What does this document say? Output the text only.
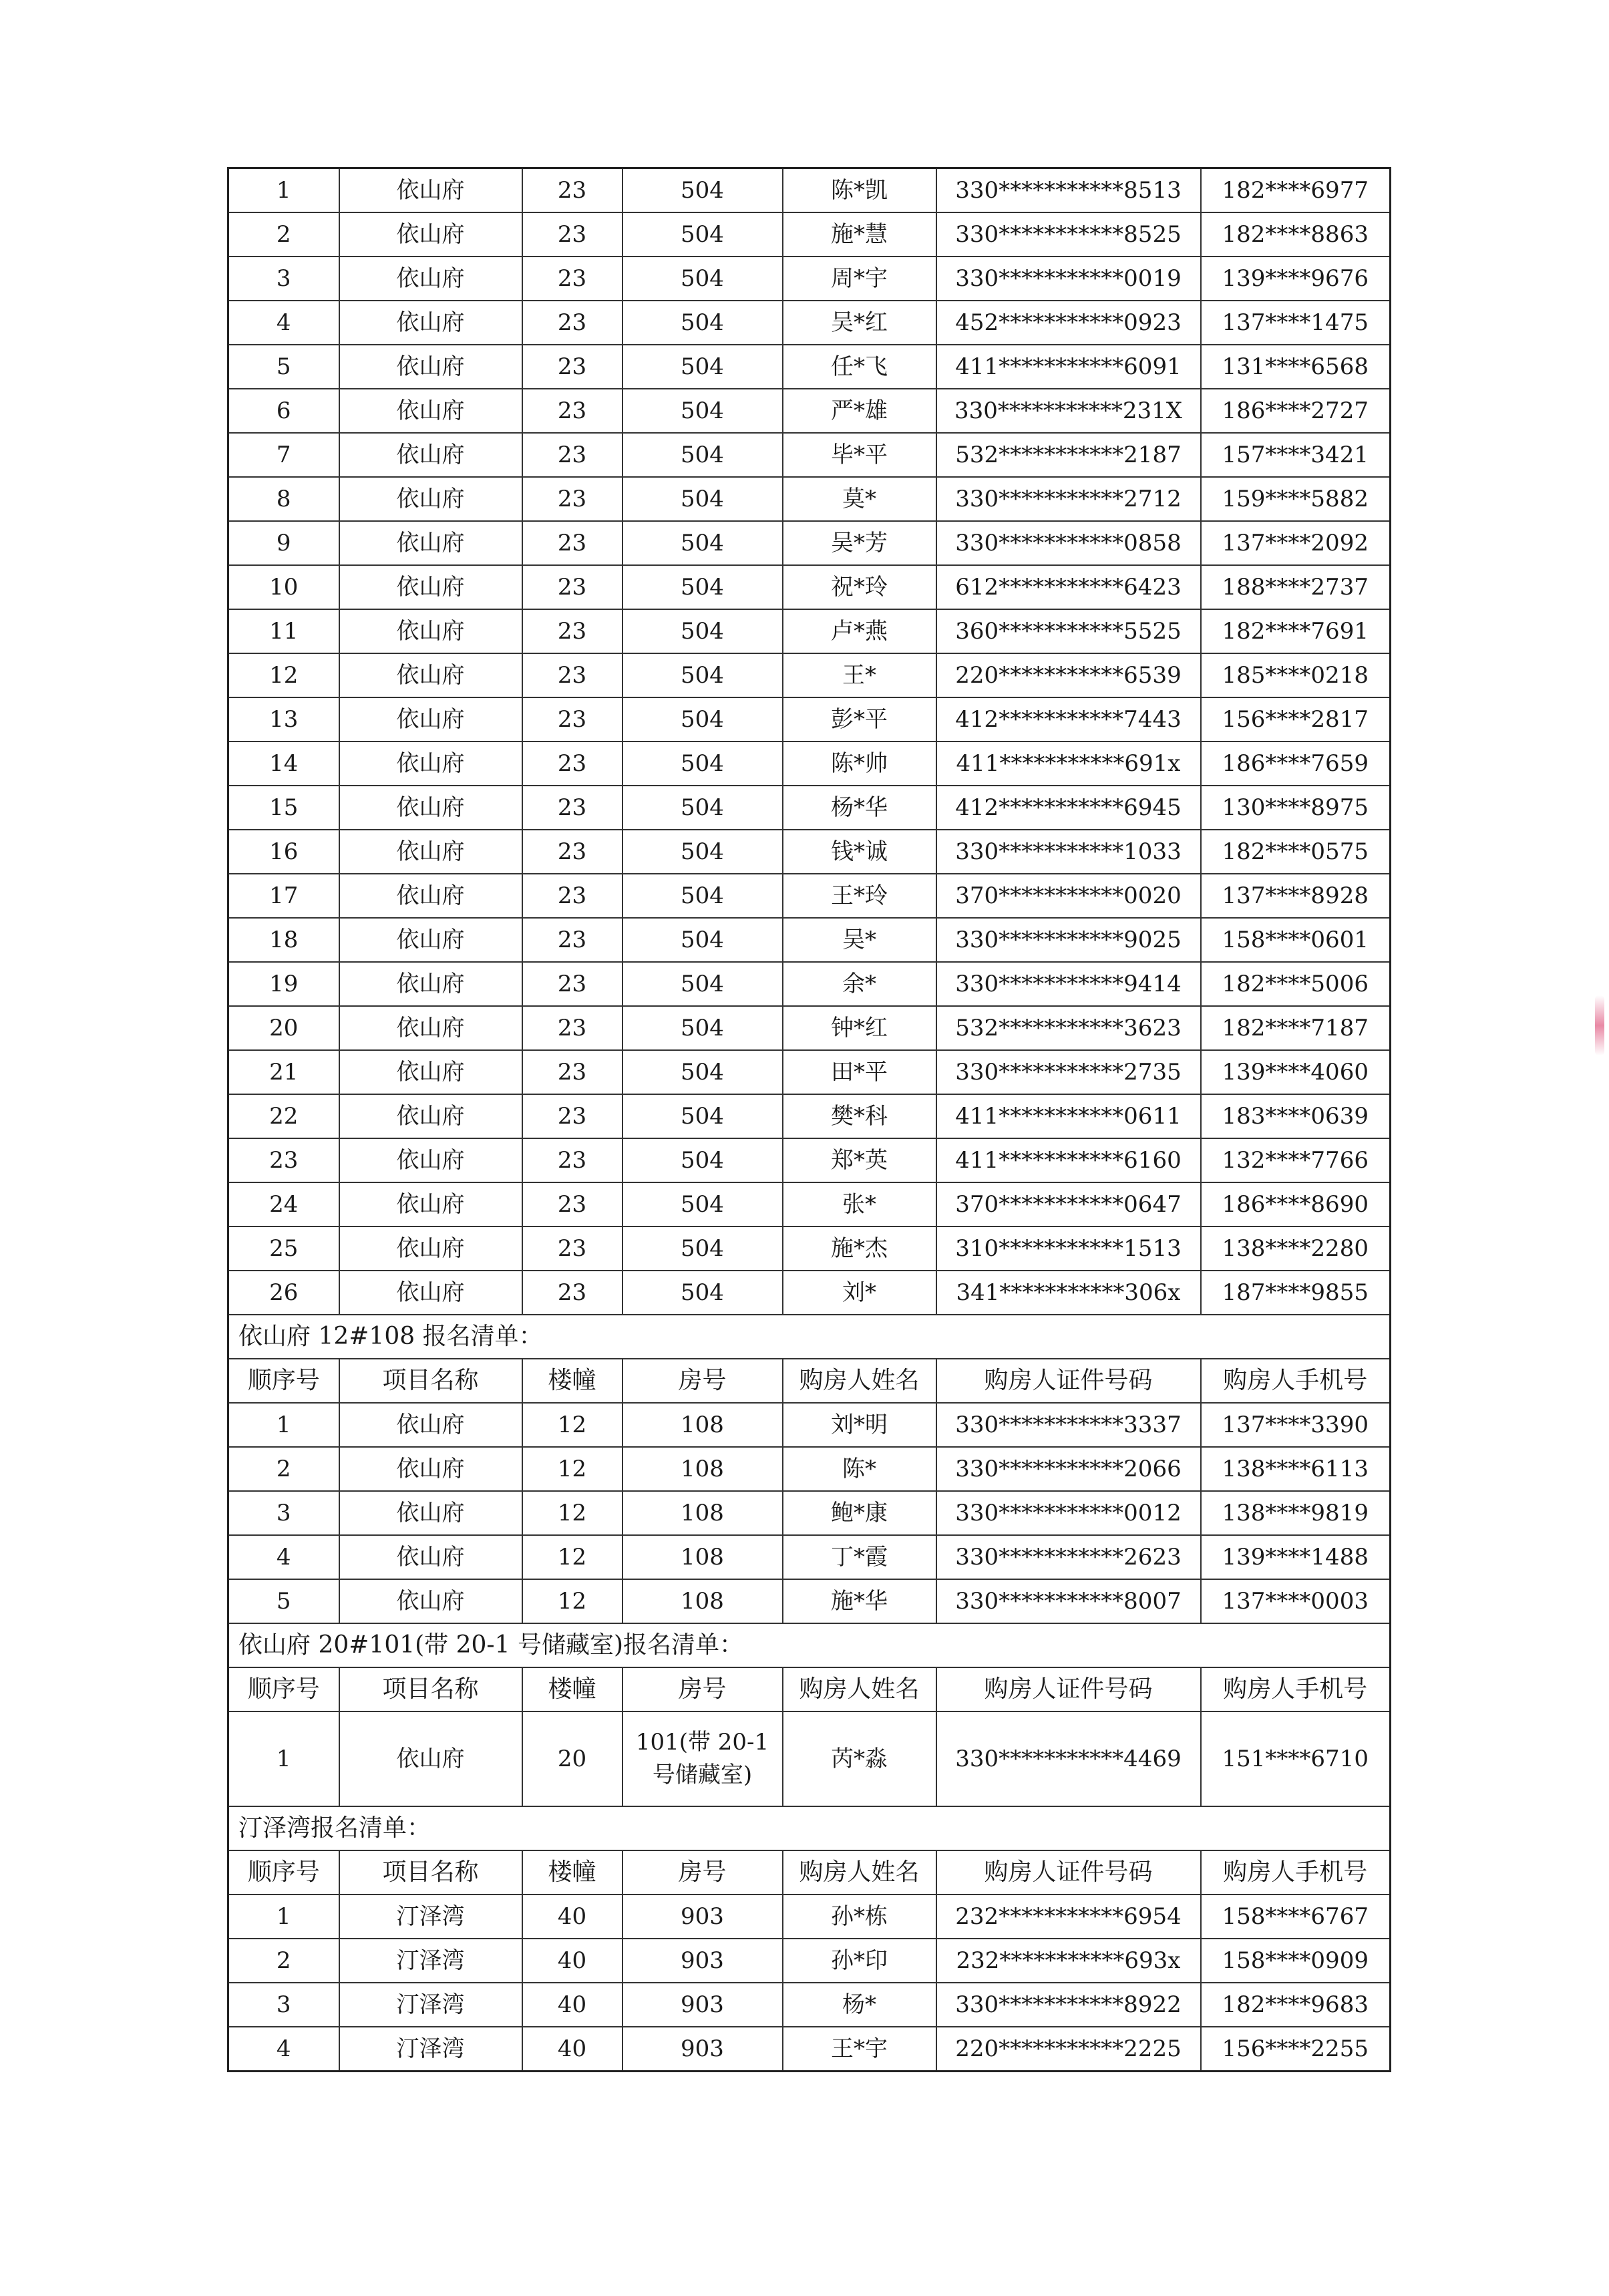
1	依山府	23	504	陈*凯	330***********8513	182****6977
2	依山府	23	504	施*慧	330***********8525	182****8863
3	依山府	23	504	周*宇	330***********0019	139****9676
4	依山府	23	504	吴*红	452***********0923	137****1475
5	依山府	23	504	任*飞	411***********6091	131****6568
6	依山府	23	504	严*雄	330***********231X	186****2727
7	依山府	23	504	毕*平	532***********2187	157****3421
8	依山府	23	504	莫*	330***********2712	159****5882
9	依山府	23	504	吴*芳	330***********0858	137****2092
10	依山府	23	504	祝*玲	612***********6423	188****2737
11	依山府	23	504	卢*燕	360***********5525	182****7691
12	依山府	23	504	王*	220***********6539	185****0218
13	依山府	23	504	彭*平	412***********7443	156****2817
14	依山府	23	504	陈*帅	411***********691x	186****7659
15	依山府	23	504	杨*华	412***********6945	130****8975
16	依山府	23	504	钱*诚	330***********1033	182****0575
17	依山府	23	504	王*玲	370***********0020	137****8928
18	依山府	23	504	吴*	330***********9025	158****0601
19	依山府	23	504	余*	330***********9414	182****5006
20	依山府	23	504	钟*红	532***********3623	182****7187
21	依山府	23	504	田*平	330***********2735	139****4060
22	依山府	23	504	樊*科	411***********0611	183****0639
23	依山府	23	504	郑*英	411***********6160	132****7766
24	依山府	23	504	张*	370***********0647	186****8690
25	依山府	23	504	施*杰	310***********1513	138****2280
26	依山府	23	504	刘*	341***********306x	187****9855
依山府 12#108 报名清单：						
顺序号	项目名称	楼幢	房号	购房人姓名	购房人证件号码	购房人手机号
1	依山府	12	108	刘*明	330***********3337	137****3390
2	依山府	12	108	陈*	330***********2066	138****6113
3	依山府	12	108	鲍*康	330***********0012	138****9819
4	依山府	12	108	丁*霞	330***********2623	139****1488
5	依山府	12	108	施*华	330***********8007	137****0003
依山府 20#101(带 20-1 号储藏室)报名清单：						
顺序号	项目名称	楼幢	房号	购房人姓名	购房人证件号码	购房人手机号
1	依山府	20	101(带 20-1 号储藏室)	芮*淼	330***********4469	151****6710
汀泽湾报名清单：						
顺序号	项目名称	楼幢	房号	购房人姓名	购房人证件号码	购房人手机号
1	汀泽湾	40	903	孙*栋	232***********6954	158****6767
2	汀泽湾	40	903	孙*印	232***********693x	158****0909
3	汀泽湾	40	903	杨*	330***********8922	182****9683
4	汀泽湾	40	903	王*宇	220***********2225	156****2255
